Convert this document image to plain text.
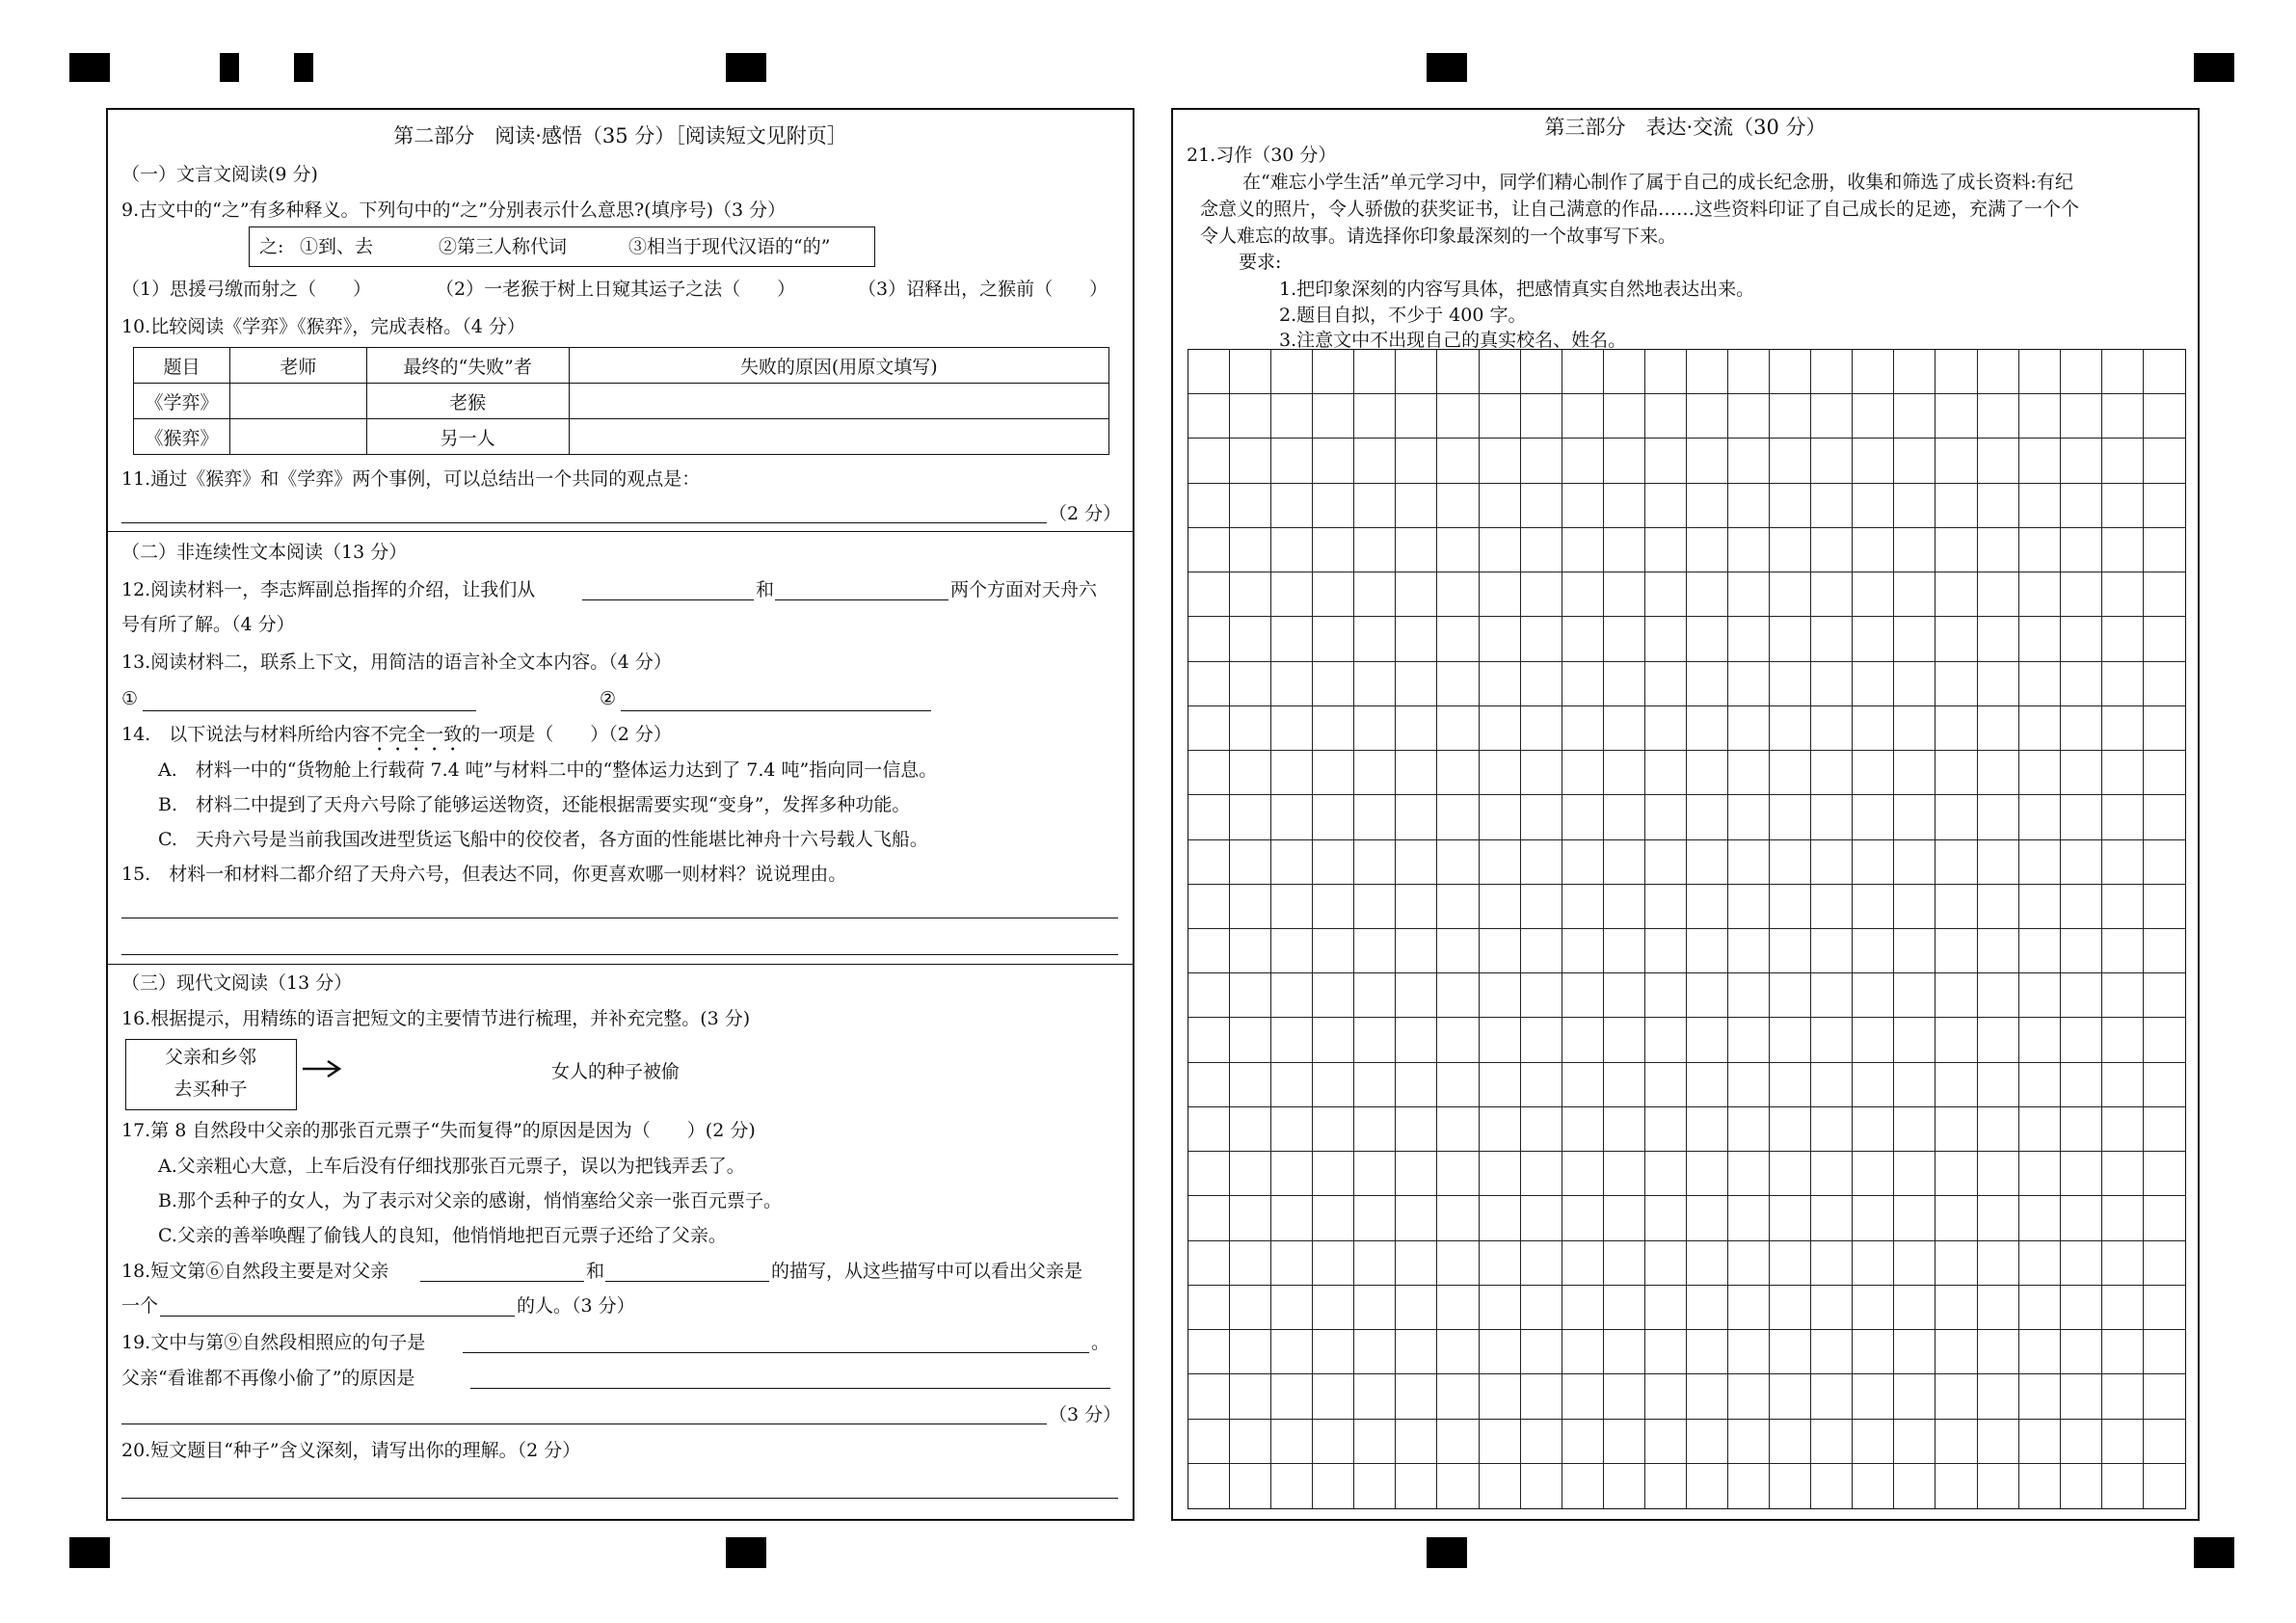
第二部分　阅读·感悟（35 分）［阅读短文见附页］
（一）文言文阅读(9 分)
9.古文中的“之”有多种释义。下列句中的“之”分别表示什么意思?(填序号)（3 分）
之: ①到、去	②第三人称代词	③相当于现代汉语的“的”
（1）思援弓缴而射之（　　）	（2）一老猴于树上日窥其运子之法（　　）	（3）诏释出，之猴前（　　）
10.比较阅读《学弈》《猴弈》，完成表格。（4 分）
题目	老师	最终的“失败”者	失败的原因(用原文填写)
《学弈》		老猴	
《猴弈》		另一人	
11.通过《猴弈》和《学弈》两个事例，可以总结出一个共同的观点是：
（2 分）
（二）非连续性文本阅读（13 分）
12.阅读材料一，李志辉副总指挥的介绍，让我们从	和	两个方面对天舟六
号有所了解。（4 分）
13.阅读材料二，联系上下文，用简洁的语言补全文本内容。（4 分）
①	②
14.　以下说法与材料所给内容不完全一致的一项是（　　）（2 分）
A.　材料一中的“货物舱上行载荷 7.4 吨”与材料二中的“整体运力达到了 7.4 吨”指向同一信息。
B.　材料二中提到了天舟六号除了能够运送物资，还能根据需要实现“变身”，发挥多种功能。
C.　天舟六号是当前我国改进型货运飞船中的佼佼者，各方面的性能堪比神舟十六号载人飞船。
15.　材料一和材料二都介绍了天舟六号，但表达不同，你更喜欢哪一则材料？说说理由。
（三）现代文阅读（13 分）
16.根据提示，用精练的语言把短文的主要情节进行梳理，并补充完整。(3 分)
父亲和乡邻
去买种子
女人的种子被偷
17.第 8 自然段中父亲的那张百元票子“失而复得”的原因是因为（　　）(2 分)
A.父亲粗心大意，上车后没有仔细找那张百元票子，误以为把钱弄丢了。
B.那个丢种子的女人，为了表示对父亲的感谢，悄悄塞给父亲一张百元票子。
C.父亲的善举唤醒了偷钱人的良知，他悄悄地把百元票子还给了父亲。
18.短文第⑥自然段主要是对父亲	和	的描写，从这些描写中可以看出父亲是
一个	的人。（3 分）
19.文中与第⑨自然段相照应的句子是	。
父亲“看谁都不再像小偷了”的原因是
（3 分）
20.短文题目“种子”含义深刻，请写出你的理解。（2 分）
第三部分　表达·交流（30 分）
21.习作（30 分）
在“难忘小学生活”单元学习中，同学们精心制作了属于自己的成长纪念册，收集和筛选了成长资料:有纪
念意义的照片，令人骄傲的获奖证书，让自己满意的作品……这些资料印证了自己成长的足迹，充满了一个个
令人难忘的故事。请选择你印象最深刻的一个故事写下来。
要求:
1.把印象深刻的内容写具体，把感情真实自然地表达出来。
2.题目自拟，不少于 400 字。
3.注意文中不出现自己的真实校名、姓名。
